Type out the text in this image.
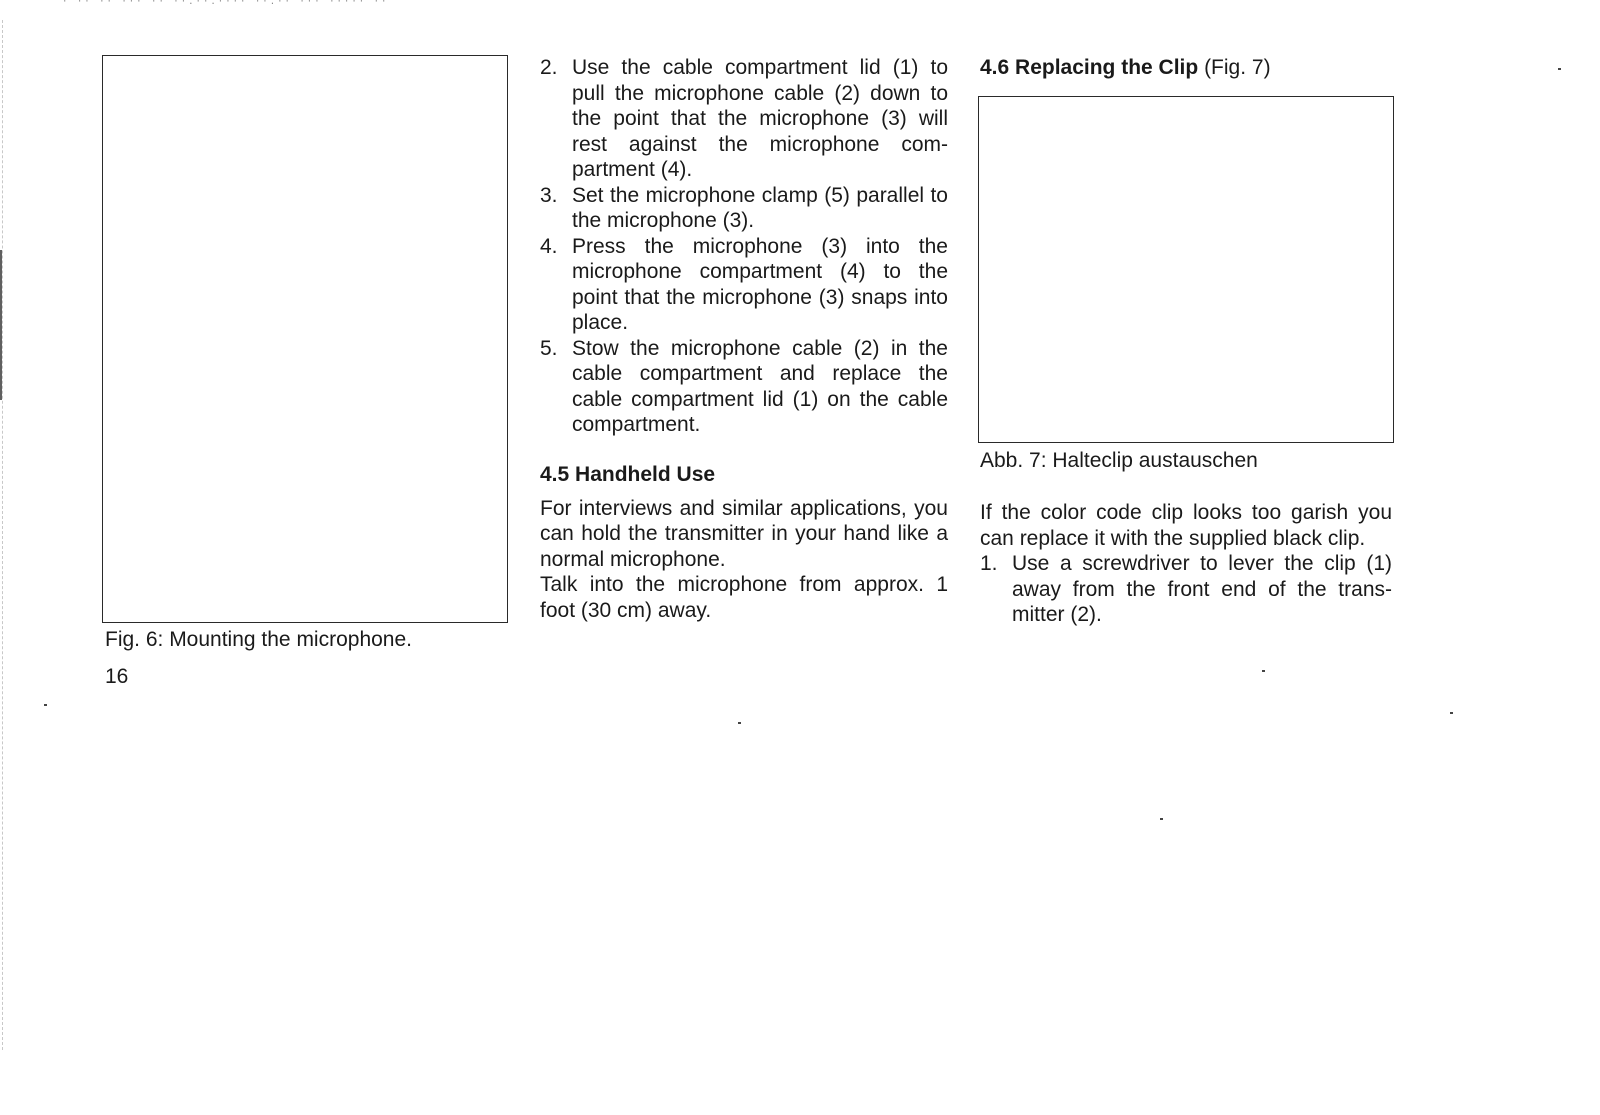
· ·· ·· ··· ·· ··.··.···· ··.·· ··· ····· ··
Fig. 6: Mounting the microphone.
16
2. Use the cable compartment lid (1) to pull the microphone cable (2) down to the point that the microphone (3) will rest against the microphone com-partment (4).
3. Set the microphone clamp (5) parallel to the microphone (3).
4. Press the microphone (3) into the microphone compartment (4) to the point that the microphone (3) snaps into place.
5. Stow the microphone cable (2) in the cable compartment and replace the cable compartment lid (1) on the cable compartment.
4.5 Handheld Use

For interviews and similar applications, you can hold the transmitter in your hand like a normal microphone.

Talk into the microphone from approx. 1 foot (30 cm) away.

4.6 Replacing the Clip (Fig. 7)
Abb. 7: Halteclip austauschen

If the color code clip looks too garish you can replace it with the supplied black clip.

1. Use a screwdriver to lever the clip (1) away from the front end of the trans-mitter (2).
